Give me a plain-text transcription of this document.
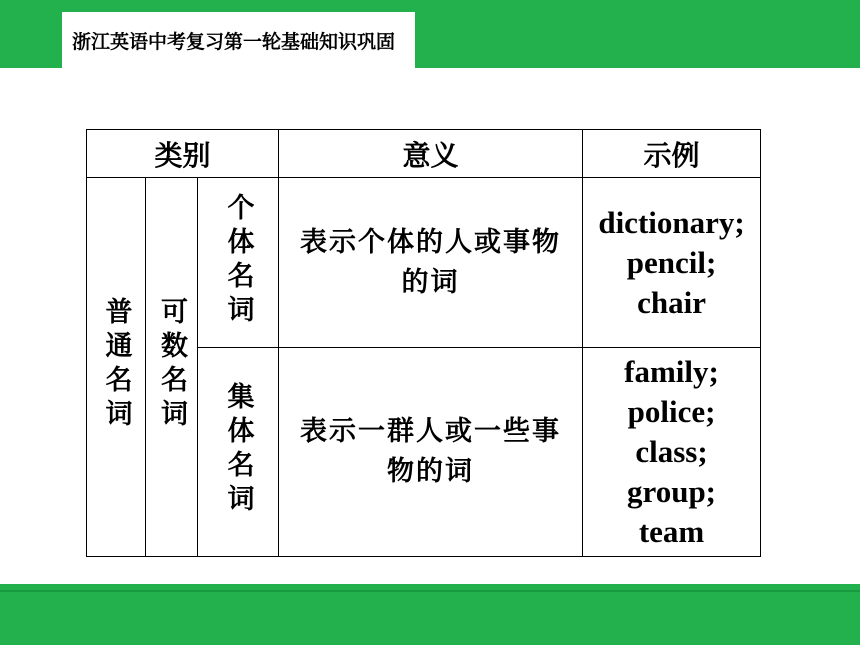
浙江英语中考复习第一轮基础知识巩固
类别			意义	示例
普通名词	可数名词	个体名词	表示个体的人或事物的词	dictionary;
pencil;
chair

		集体名词	表示一群人或一些事物的词	family;
police;
class;
group;
team
